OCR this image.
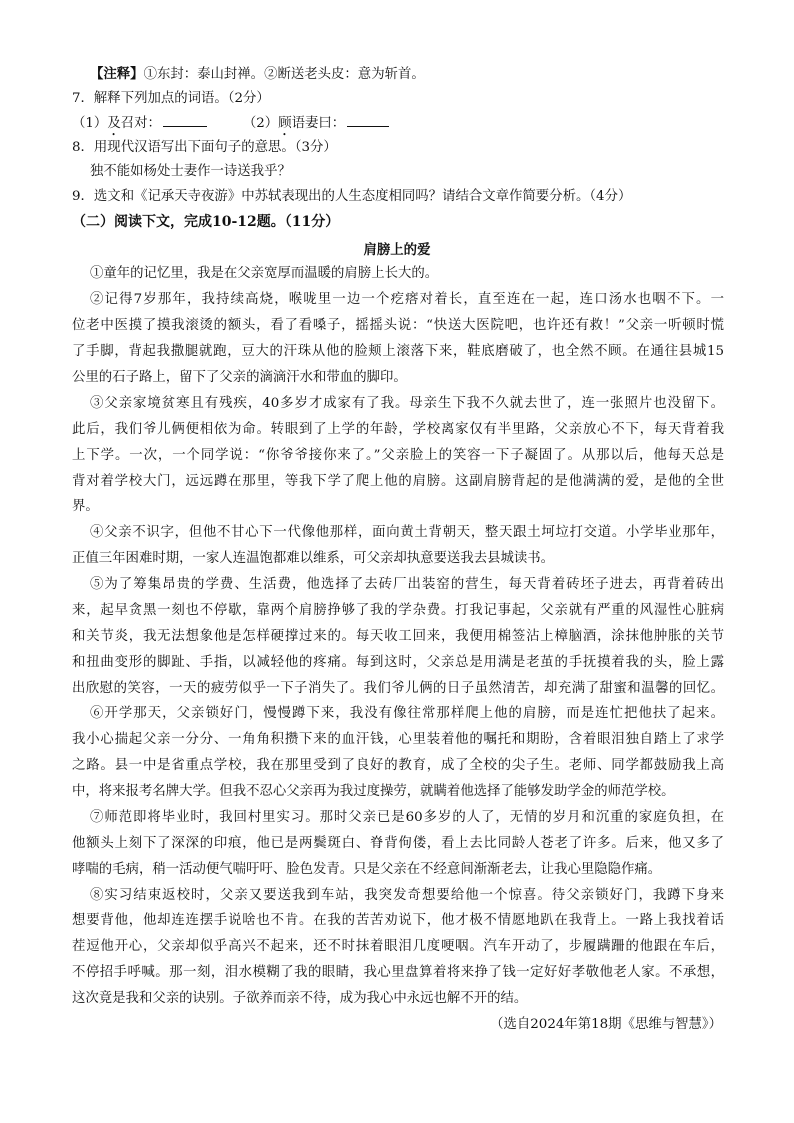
【注释】①东封：泰山封禅。②断送老头皮：意为斩首。
7．解释下列加点的词语。（2分）
（1）及召对：	（2）顾语妻曰：
8．用现代汉语写出下面句子的意思。（3分）
独不能如杨处士妻作一诗送我乎？
9．选文和《记承天寺夜游》中苏轼表现出的人生态度相同吗？请结合文章作简要分析。（4分）
（二）阅读下文，完成10-12题。（11分）
肩膀上的爱
①童年的记忆里，我是在父亲宽厚而温暖的肩膀上长大的。
②记得7岁那年，我持续高烧，喉咙里一边一个疙瘩对着长，直至连在一起，连口汤水也咽不下。一
位老中医摸了摸我滚烫的额头，看了看嗓子，摇摇头说：“快送大医院吧，也许还有救！”父亲一听顿时慌
了手脚，背起我撒腿就跑，豆大的汗珠从他的脸颊上滚落下来，鞋底磨破了，也全然不顾。在通往县城15
公里的石子路上，留下了父亲的滴滴汗水和带血的脚印。
③父亲家境贫寒且有残疾，40多岁才成家有了我。母亲生下我不久就去世了，连一张照片也没留下。
此后，我们爷儿俩便相依为命。转眼到了上学的年龄，学校离家仅有半里路，父亲放心不下，每天背着我
上下学。一次，一个同学说：“你爷爷接你来了。”父亲脸上的笑容一下子凝固了。从那以后，他每天总是
背对着学校大门，远远蹲在那里，等我下学了爬上他的肩膀。这副肩膀背起的是他满满的爱，是他的全世
界。
④父亲不识字，但他不甘心下一代像他那样，面向黄土背朝天，整天跟土坷垃打交道。小学毕业那年，
正值三年困难时期，一家人连温饱都难以维系，可父亲却执意要送我去县城读书。
⑤为了筹集昂贵的学费、生活费，他选择了去砖厂出装窑的营生，每天背着砖坯子进去，再背着砖出
来，起早贪黑一刻也不停歇，靠两个肩膀挣够了我的学杂费。打我记事起，父亲就有严重的风湿性心脏病
和关节炎，我无法想象他是怎样硬撑过来的。每天收工回来，我便用棉签沾上樟脑酒，涂抹他肿胀的关节
和扭曲变形的脚趾、手指，以减轻他的疼痛。每到这时，父亲总是用满是老茧的手抚摸着我的头，脸上露
出欣慰的笑容，一天的疲劳似乎一下子消失了。我们爷儿俩的日子虽然清苦，却充满了甜蜜和温馨的回忆。
⑥开学那天，父亲锁好门，慢慢蹲下来，我没有像往常那样爬上他的肩膀，而是连忙把他扶了起来。
我小心揣起父亲一分分、一角角积攒下来的血汗钱，心里装着他的嘱托和期盼，含着眼泪独自踏上了求学
之路。县一中是省重点学校，我在那里受到了良好的教育，成了全校的尖子生。老师、同学都鼓励我上高
中，将来报考名牌大学。但我不忍心父亲再为我过度操劳，就瞒着他选择了能够发助学金的师范学校。
⑦师范即将毕业时，我回村里实习。那时父亲已是60多岁的人了，无情的岁月和沉重的家庭负担，在
他额头上刻下了深深的印痕，他已是两鬓斑白、脊背佝偻，看上去比同龄人苍老了许多。后来，他又多了
哮喘的毛病，稍一活动便气喘吁吁、脸色发青。只是父亲在不经意间渐渐老去，让我心里隐隐作痛。
⑧实习结束返校时，父亲又要送我到车站，我突发奇想要给他一个惊喜。待父亲锁好门，我蹲下身来
想要背他，他却连连摆手说啥也不肯。在我的苦苦劝说下，他才极不情愿地趴在我背上。一路上我找着话
茬逗他开心，父亲却似乎高兴不起来，还不时抹着眼泪几度哽咽。汽车开动了，步履蹒跚的他跟在车后，
不停招手呼喊。那一刻，泪水模糊了我的眼睛，我心里盘算着将来挣了钱一定好好孝敬他老人家。不承想，
这次竟是我和父亲的诀别。子欲养而亲不待，成为我心中永远也解不开的结。
（选自2024年第18期《思维与智慧》）
